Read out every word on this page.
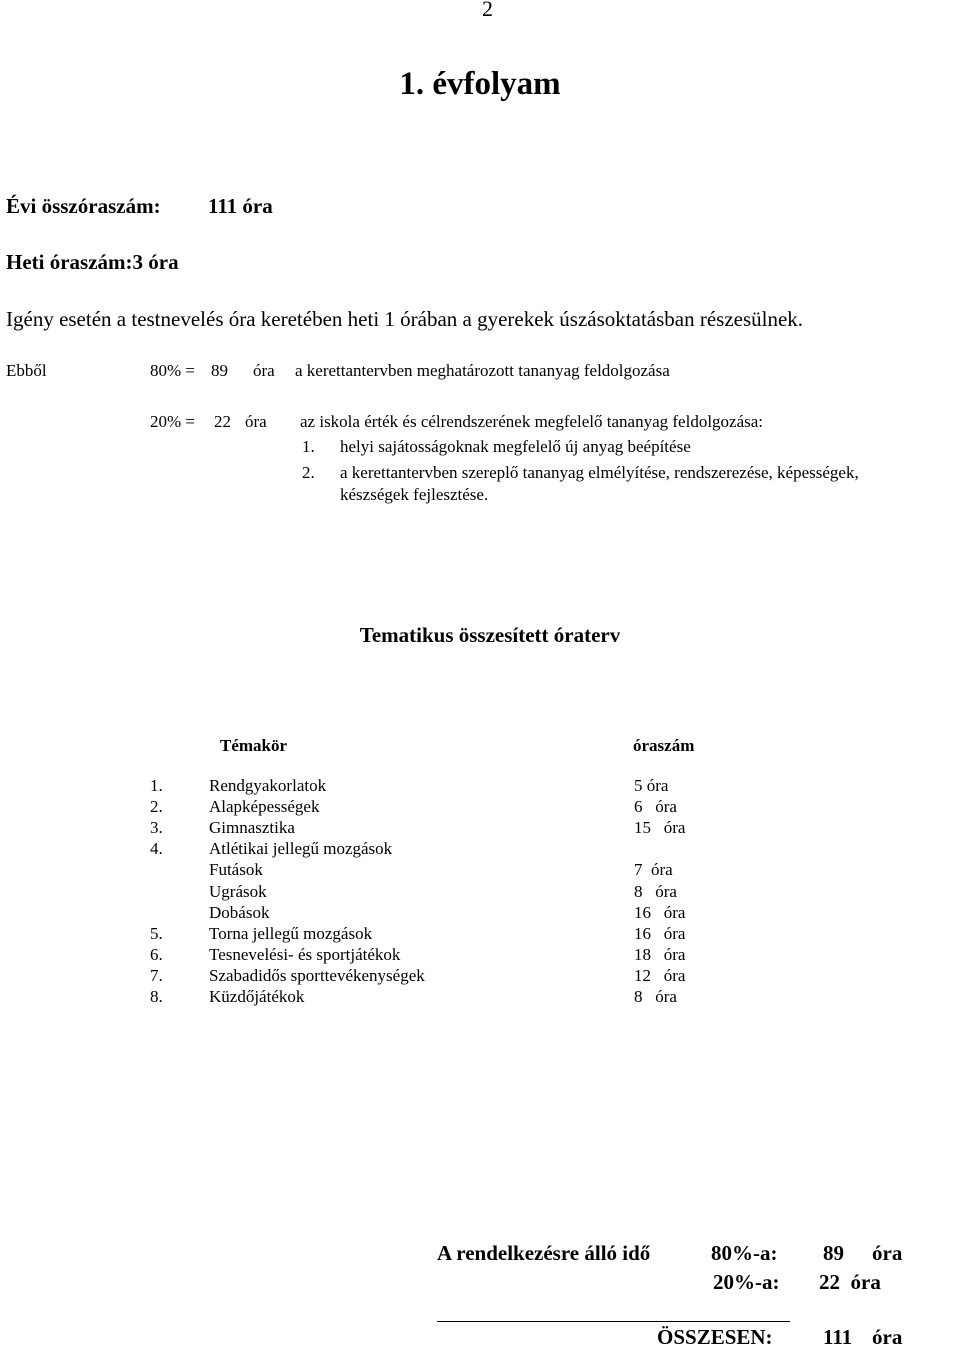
2
1. évfolyam
Évi összóraszám: 111 óra
Heti óraszám:3 óra
Igény esetén a testnevelés óra keretében heti 1 órában a gyerekek úszásoktatásban részesülnek.
Ebből	80% = 89 óra a kerettantervben meghatározott tananyag feldolgozása
20% = 22 óra az iskola érték és célrendszerének megfelelő tananyag feldolgozása:
1. helyi sajátosságoknak megfelelő új anyag beépítése
2. a kerettantervben szereplő tananyag elmélyítése, rendszerezése, képességek,
készségek fejlesztése.
Tematikus összesített óraterv
Témakör	óraszám
1.	Rendgyakorlatok	5 óra
2.	Alapképességek	6   óra
3.	Gimnasztika	15   óra
4.	Atlétikai jellegű mozgások
Futások	7  óra
Ugrások	8   óra
Dobások	16   óra
5.	Torna jellegű mozgások	16   óra
6.	Tesnevelési- és sportjátékok	18   óra
7.	Szabadidős sporttevékenységek	12   óra
8.	Küzdőjátékok	8   óra
A rendelkezésre álló idő	80%-a: 89 óra
20%-a: 22  óra
ÖSSZESEN: 111 óra
